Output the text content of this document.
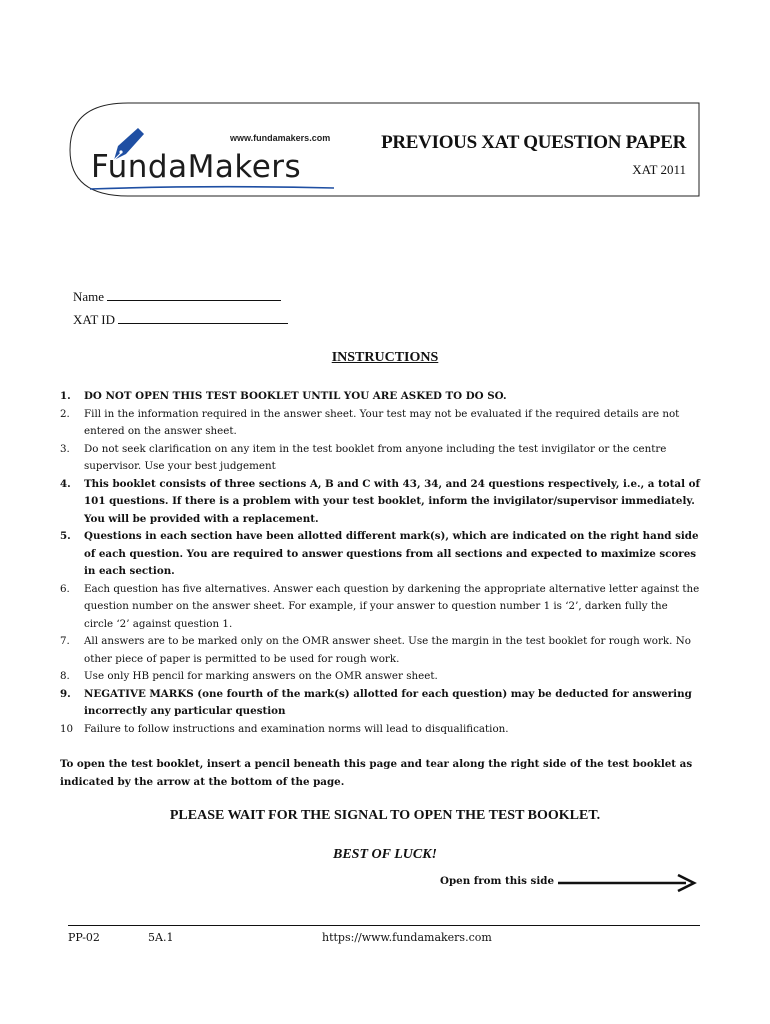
www.fundamakers.com
FundaMakers
PREVIOUS XAT QUESTION PAPER
XAT 2011
Name
XAT ID
INSTRUCTIONS
1. DO NOT OPEN THIS TEST BOOKLET UNTIL YOU ARE ASKED TO DO SO.
2. Fill in the information required in the answer sheet. Your test may not be evaluated if the required details are not entered on the answer sheet.
3. Do not seek clarification on any item in the test booklet from anyone including the test invigilator or the centre supervisor. Use your best judgement
4. This booklet consists of three sections A, B and C with 43, 34, and 24 questions respectively, i.e., a total of 101 questions. If there is a problem with your test booklet, inform the invigilator/supervisor immediately. You will be provided with a replacement.
5. Questions in each section have been allotted different mark(s), which are indicated on the right hand side of each question. You are required to answer questions from all sections and expected to maximize scores in each section.
6. Each question has five alternatives. Answer each question by darkening the appropriate alternative letter against the question number on the answer sheet. For example, if your answer to question number 1 is ‘2’, darken fully the circle ‘2’ against question 1.
7. All answers are to be marked only on the OMR answer sheet. Use the margin in the test booklet for rough work. No other piece of paper is permitted to be used for rough work.
8. Use only HB pencil for marking answers on the OMR answer sheet.
9. NEGATIVE MARKS (one fourth of the mark(s) allotted for each question) may be deducted for answering incorrectly any particular question
10 Failure to follow instructions and examination norms will lead to disqualification.
To open the test booklet, insert a pencil beneath this page and tear along the right side of the test booklet as indicated by the arrow at the bottom of the page.
PLEASE WAIT FOR THE SIGNAL TO OPEN THE TEST BOOKLET.
BEST OF LUCK!
Open from this side
PP-02	5A.1	https://www.fundamakers.com
